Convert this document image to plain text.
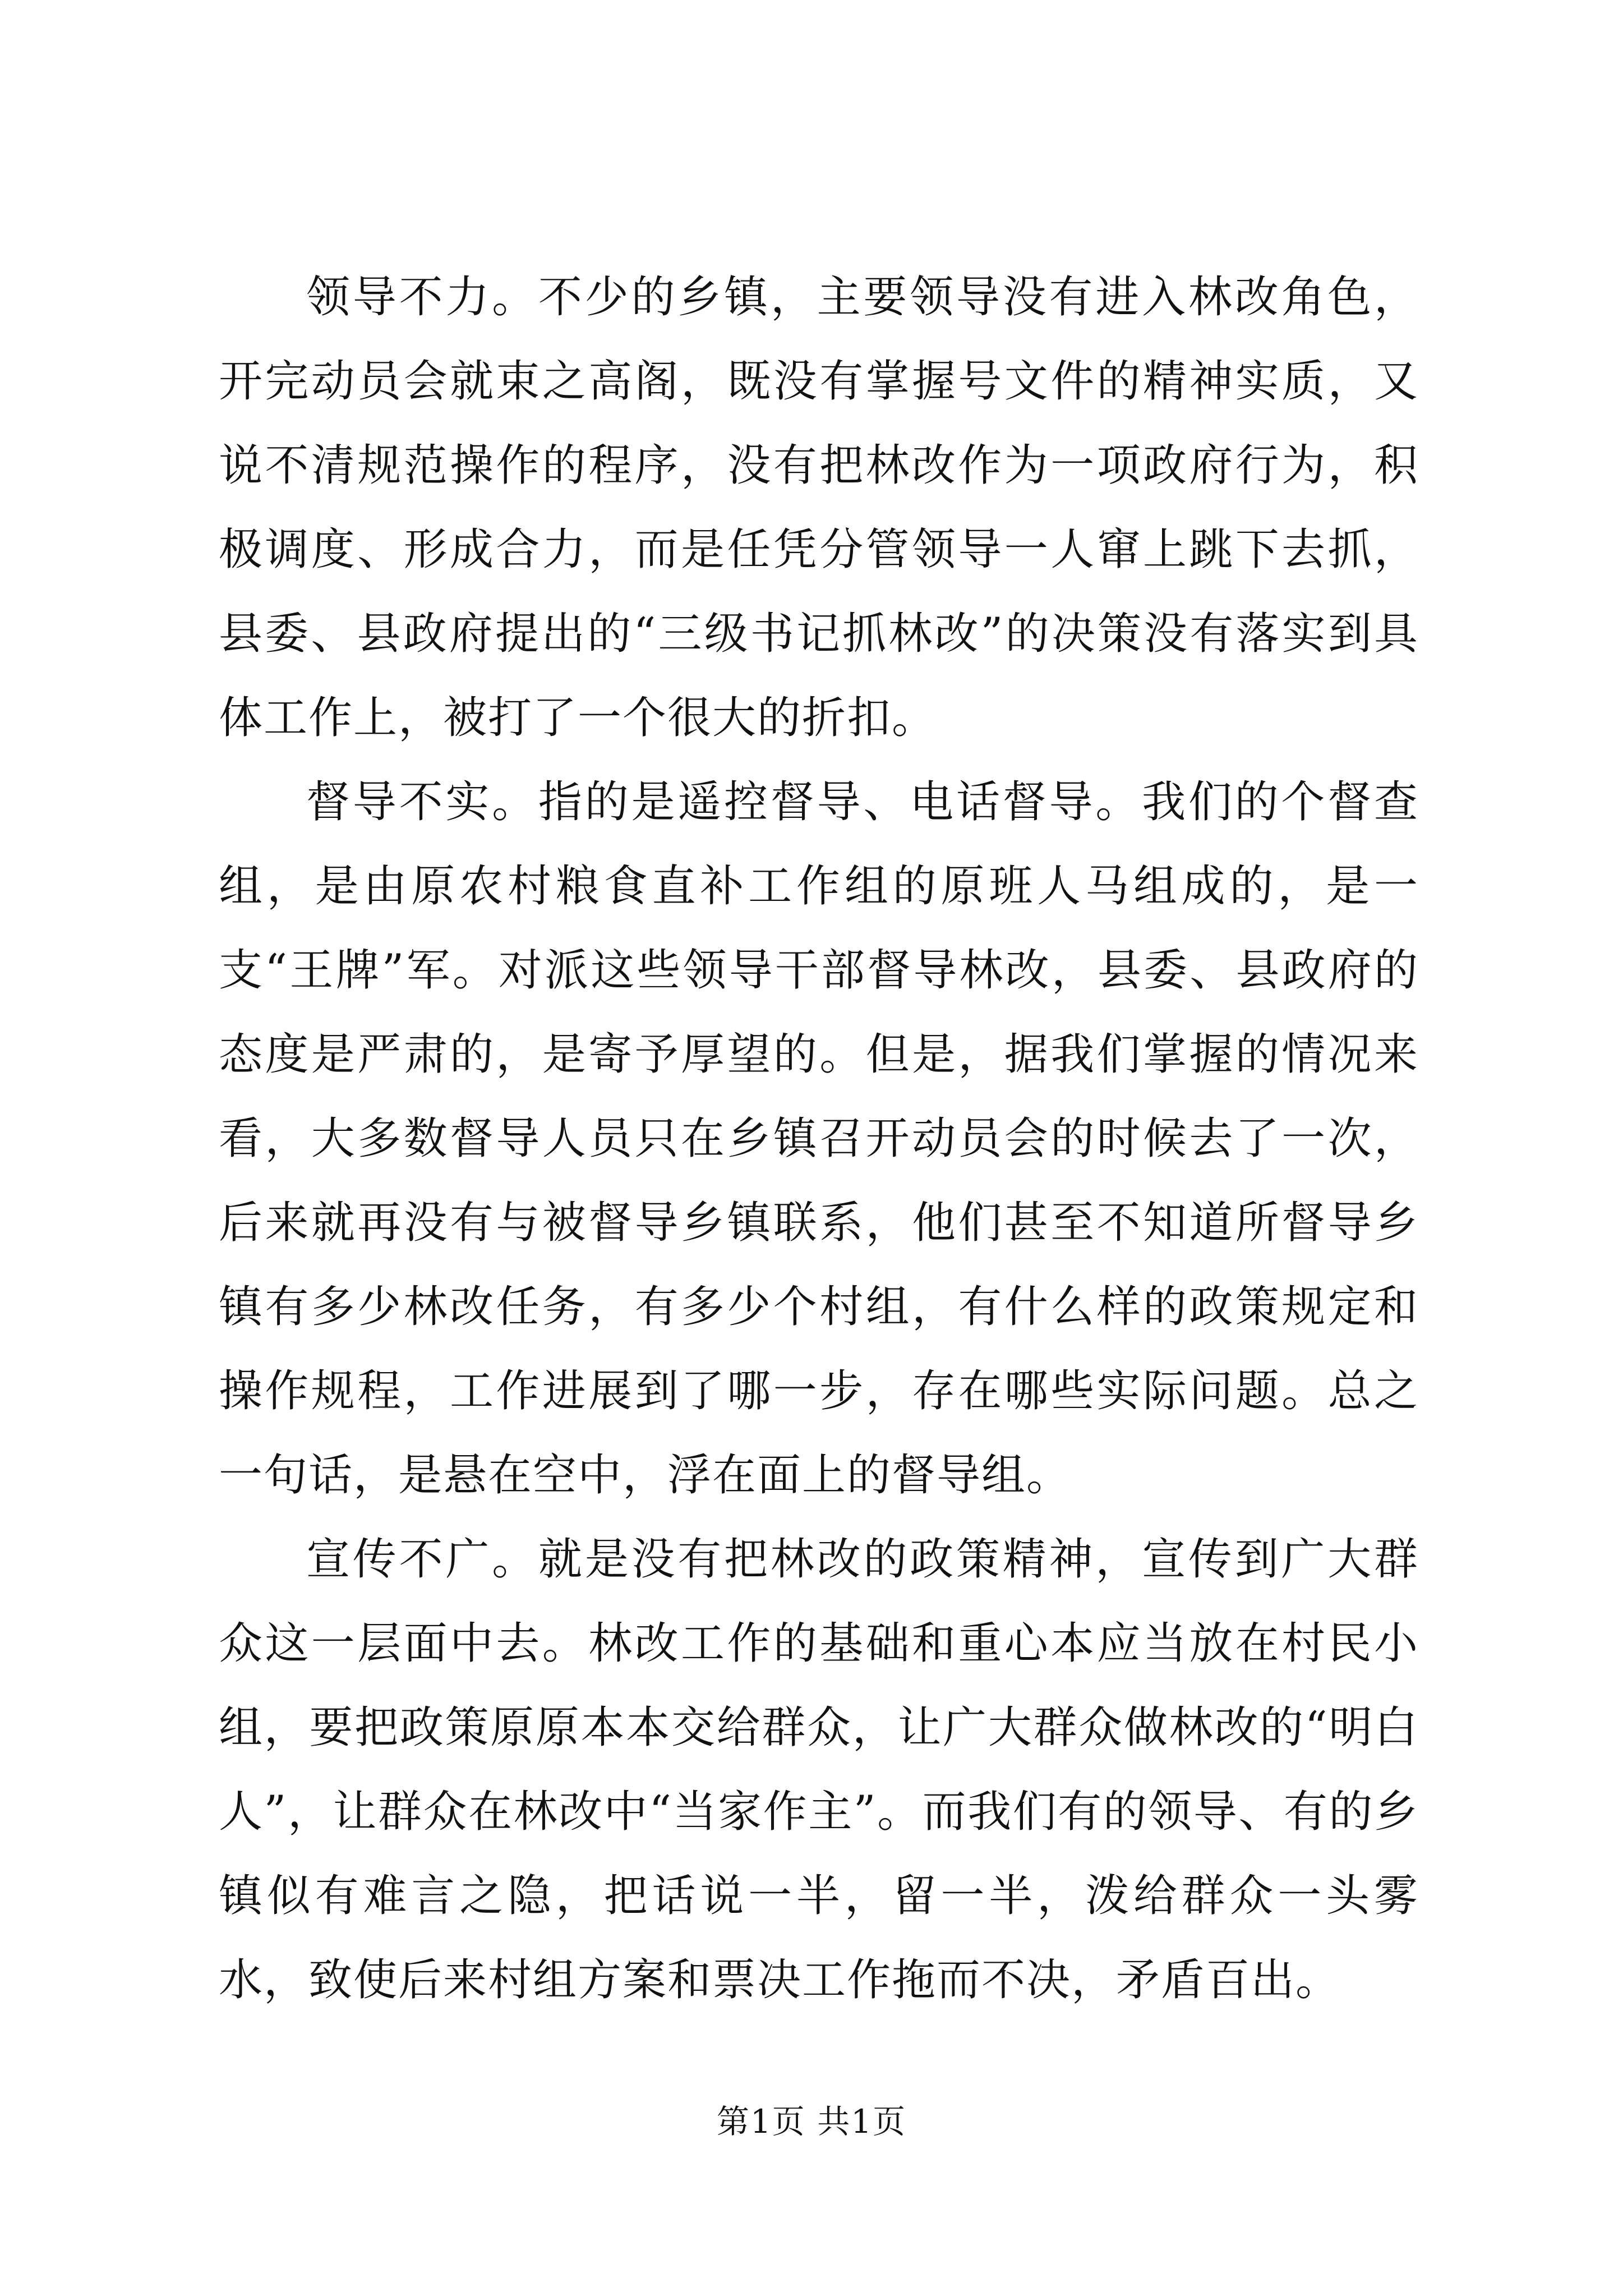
领导不力。不少的乡镇，主要领导没有进入林改角色，开完动员会就束之高阁，既没有掌握号文件的精神实质，又说不清规范操作的程序，没有把林改作为一项政府行为，积极调度、形成合力，而是任凭分管领导一人窜上跳下去抓，县委、县政府提出的“三级书记抓林改”的决策没有落实到具体工作上，被打了一个很大的折扣。

督导不实。指的是遥控督导、电话督导。我们的个督查组，是由原农村粮食直补工作组的原班人马组成的，是一支“王牌”军。对派这些领导干部督导林改，县委、县政府的态度是严肃的，是寄予厚望的。但是，据我们掌握的情况来看，大多数督导人员只在乡镇召开动员会的时候去了一次，后来就再没有与被督导乡镇联系，他们甚至不知道所督导乡镇有多少林改任务，有多少个村组，有什么样的政策规定和操作规程，工作进展到了哪一步，存在哪些实际问题。总之一句话，是悬在空中，浮在面上的督导组。

宣传不广。就是没有把林改的政策精神，宣传到广大群众这一层面中去。林改工作的基础和重心本应当放在村民小组，要把政策原原本本交给群众，让广大群众做林改的“明白人”，让群众在林改中“当家作主”。而我们有的领导、有的乡镇似有难言之隐，把话说一半，留一半，泼给群众一头雾水，致使后来村组方案和票决工作拖而不决，矛盾百出。

第1页 共1页
